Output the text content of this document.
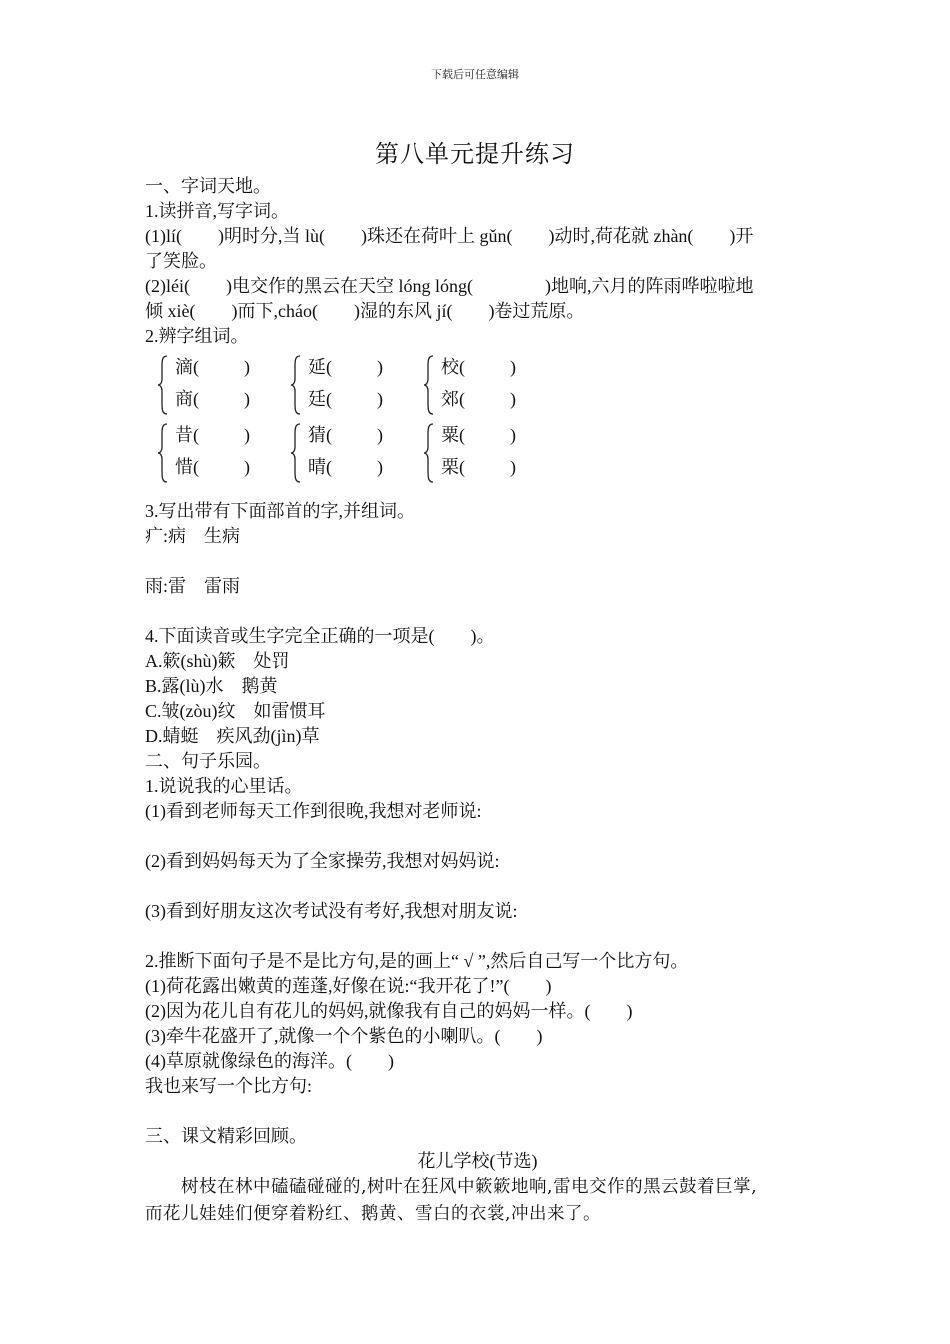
下载后可任意编辑
第八单元提升练习
一、字词天地。
1.读拼音,写字词。
(1)lí(        )明时分,当 lù(        )珠还在荷叶上 gǔn(        )动时,荷花就 zhàn(        )开
了笑脸。
(2)léi(        )电交作的黑云在天空 lóng lóng(                )地响,六月的阵雨哗啦啦地
倾 xiè(        )而下,cháo(        )湿的东风 jí(        )卷过荒原。
2.辨字组词。
滴(          )
商(          )
延(          )
廷(          )
校(          )
郊(          )
昔(          )
惜(          )
猜(          )
晴(          )
粟(          )
栗(          )
3.写出带有下面部首的字,并组词。
疒:病    生病
雨:雷    雷雨
4.下面读音或生字完全正确的一项是(        )。
A.簌(shù)簌    处罚
B.露(lù)水    鹅黄
C.皱(zòu)纹    如雷惯耳
D.蜻蜓    疾风劲(jìn)草
二、句子乐园。
1.说说我的心里话。
(1)看到老师每天工作到很晚,我想对老师说:
(2)看到妈妈每天为了全家操劳,我想对妈妈说:
(3)看到好朋友这次考试没有考好,我想对朋友说:
2.推断下面句子是不是比方句,是的画上“ √ ”,然后自己写一个比方句。
(1)荷花露出嫩黄的莲蓬,好像在说:“我开花了!”(        )
(2)因为花儿自有花儿的妈妈,就像我有自己的妈妈一样。(        )
(3)牵牛花盛开了,就像一个个紫色的小喇叭。(        )
(4)草原就像绿色的海洋。(        )
我也来写一个比方句:
三、课文精彩回顾。
花儿学校(节选)
树枝在林中磕磕碰碰的,树叶在狂风中簌簌地响,雷电交作的黑云鼓着巨掌,
而花儿娃娃们便穿着粉红、鹅黄、雪白的衣裳,冲出来了。
